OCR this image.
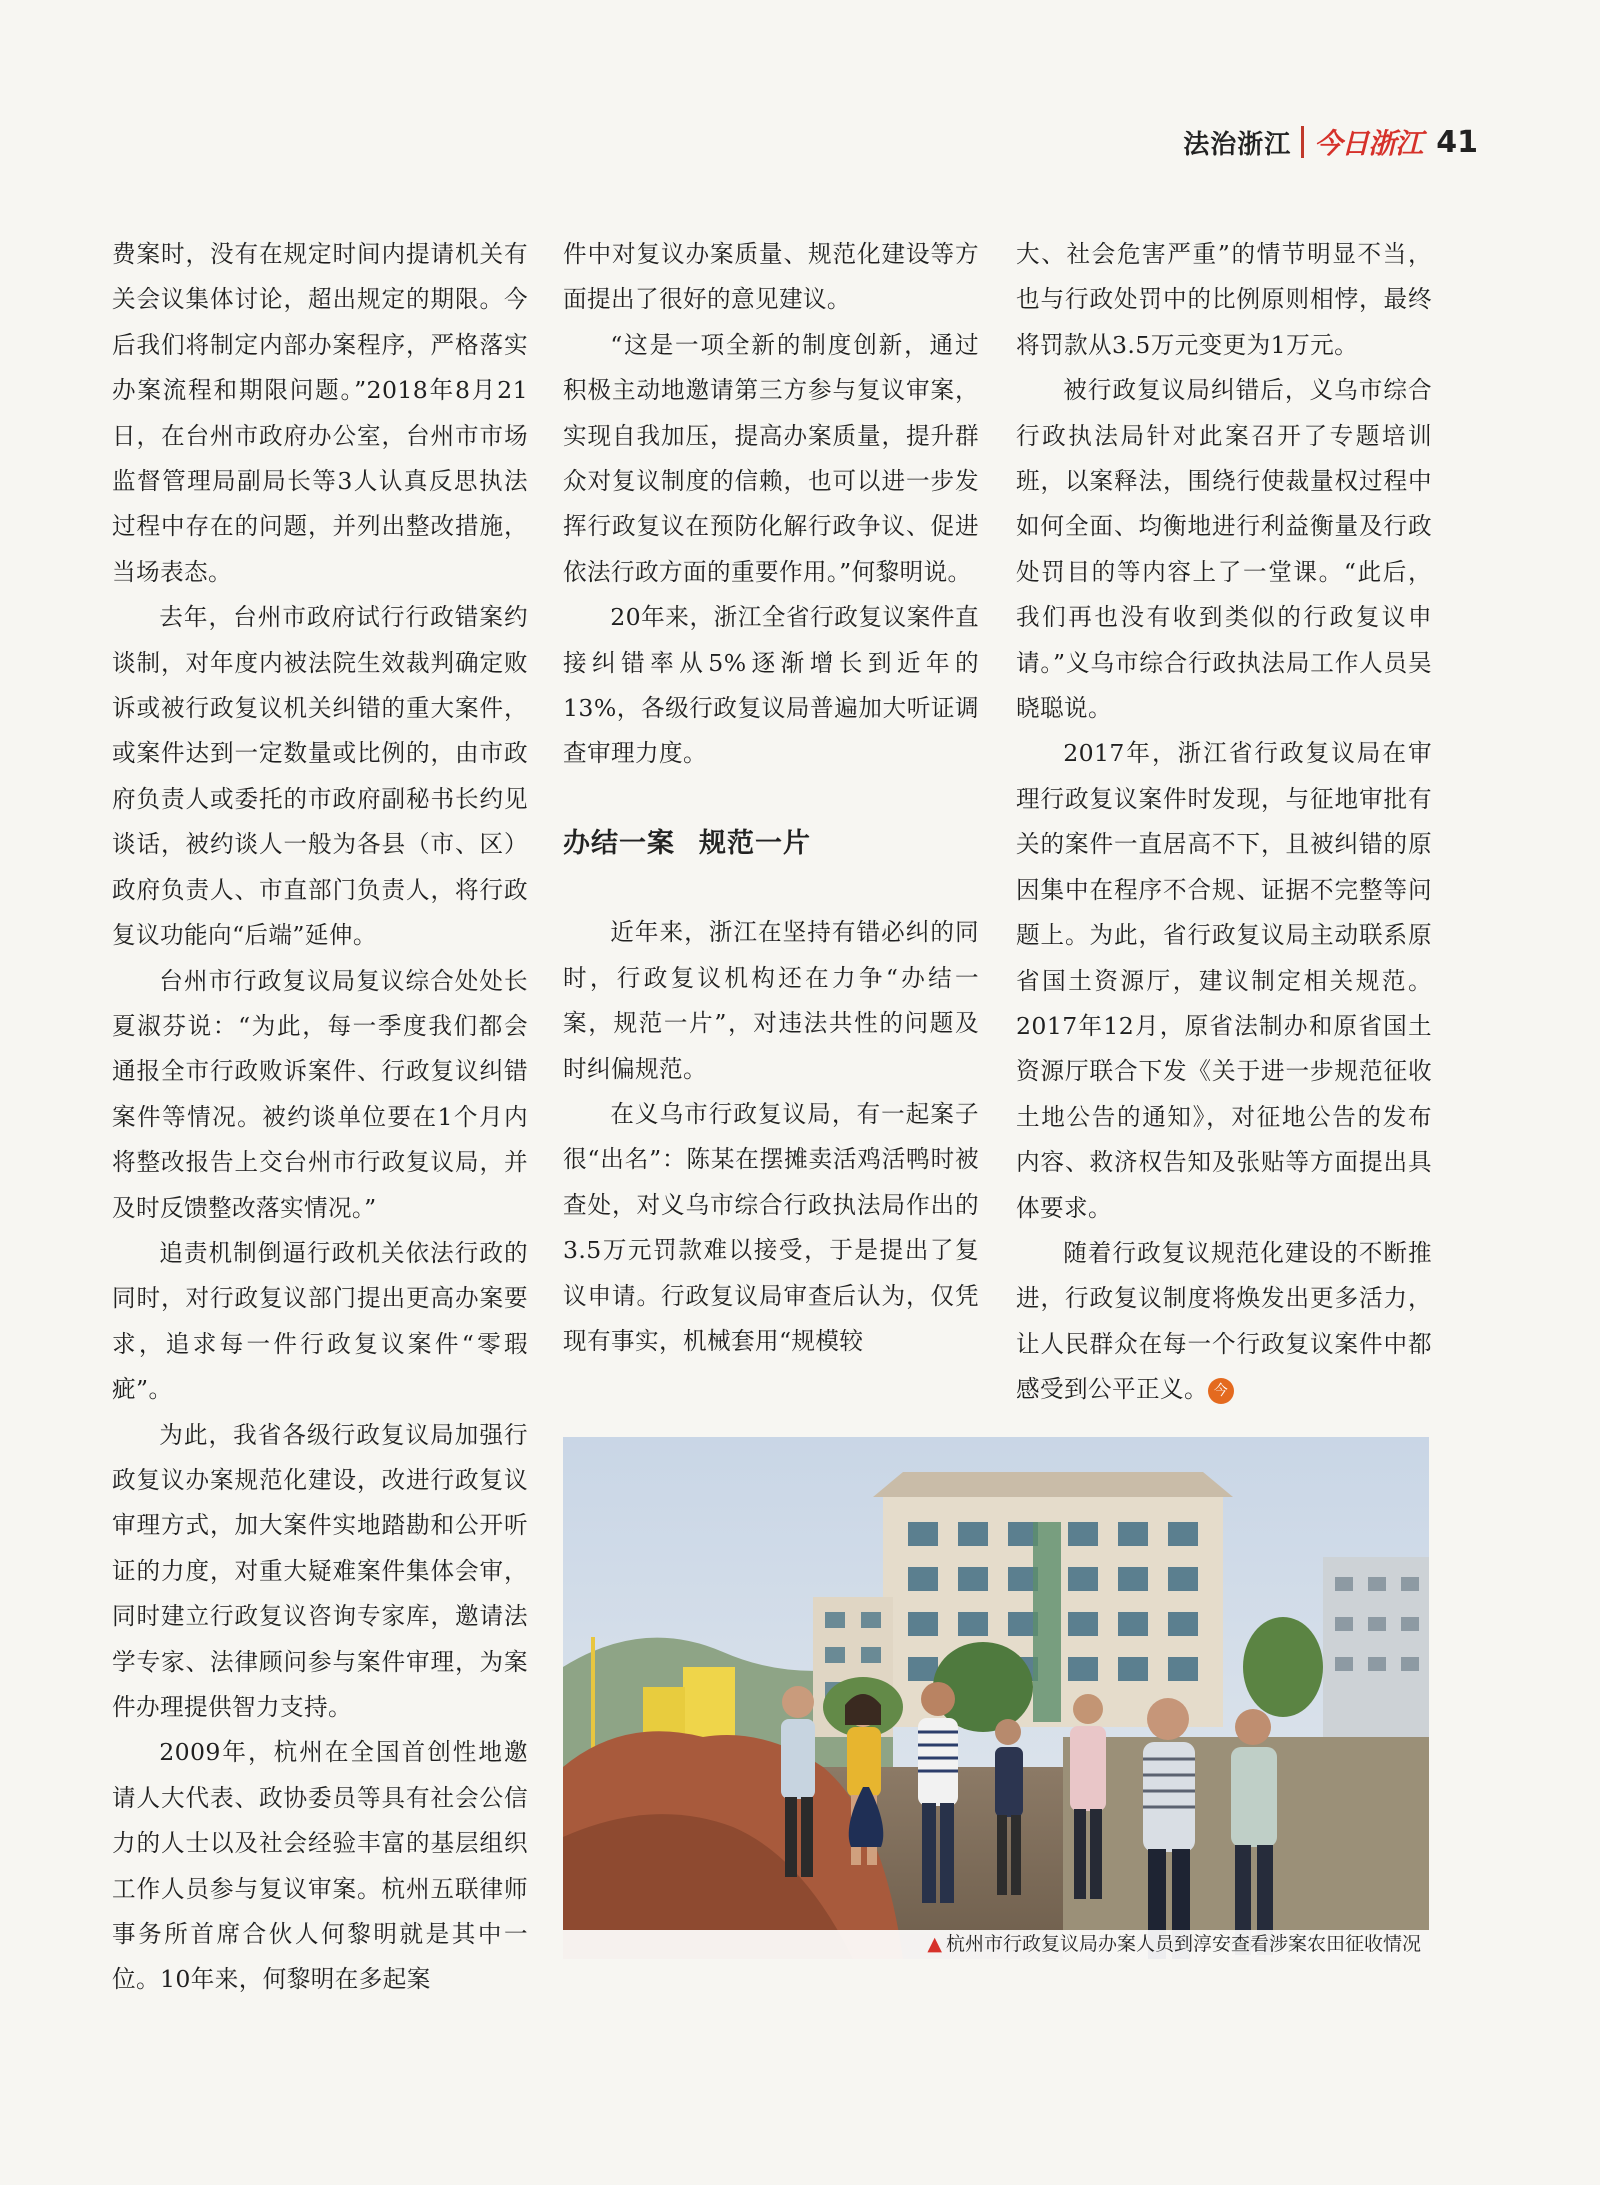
法治浙江 今日浙江 41

费案时，没有在规定时间内提请机关有关会议集体讨论，超出规定的期限。今后我们将制定内部办案程序，严格落实办案流程和期限问题。”2018年8月21日，在台州市政府办公室，台州市市场监督管理局副局长等3人认真反思执法过程中存在的问题，并列出整改措施，当场表态。

去年，台州市政府试行行政错案约谈制，对年度内被法院生效裁判确定败诉或被行政复议机关纠错的重大案件，或案件达到一定数量或比例的，由市政府负责人或委托的市政府副秘书长约见谈话，被约谈人一般为各县（市、区）政府负责人、市直部门负责人，将行政复议功能向“后端”延伸。

台州市行政复议局复议综合处处长夏淑芬说：“为此，每一季度我们都会通报全市行政败诉案件、行政复议纠错案件等情况。被约谈单位要在1个月内将整改报告上交台州市行政复议局，并及时反馈整改落实情况。”

追责机制倒逼行政机关依法行政的同时，对行政复议部门提出更高办案要求，追求每一件行政复议案件“零瑕疵”。

为此，我省各级行政复议局加强行政复议办案规范化建设，改进行政复议审理方式，加大案件实地踏勘和公开听证的力度，对重大疑难案件集体会审，同时建立行政复议咨询专家库，邀请法学专家、法律顾问参与案件审理，为案件办理提供智力支持。

2009年，杭州在全国首创性地邀请人大代表、政协委员等具有社会公信力的人士以及社会经验丰富的基层组织工作人员参与复议审案。杭州五联律师事务所首席合伙人何黎明就是其中一位。10年来，何黎明在多起案

件中对复议办案质量、规范化建设等方面提出了很好的意见建议。

“这是一项全新的制度创新，通过积极主动地邀请第三方参与复议审案，实现自我加压，提高办案质量，提升群众对复议制度的信赖，也可以进一步发挥行政复议在预防化解行政争议、促进依法行政方面的重要作用。”何黎明说。

20年来，浙江全省行政复议案件直接纠错率从5%逐渐增长到近年的13%，各级行政复议局普遍加大听证调查审理力度。

办结一案 规范一片

近年来，浙江在坚持有错必纠的同时，行政复议机构还在力争“办结一案，规范一片”，对违法共性的问题及时纠偏规范。

在义乌市行政复议局，有一起案子很“出名”：陈某在摆摊卖活鸡活鸭时被查处，对义乌市综合行政执法局作出的3.5万元罚款难以接受，于是提出了复议申请。行政复议局审查后认为，仅凭现有事实，机械套用“规模较

大、社会危害严重”的情节明显不当，也与行政处罚中的比例原则相悖，最终将罚款从3.5万元变更为1万元。

被行政复议局纠错后，义乌市综合行政执法局针对此案召开了专题培训班，以案释法，围绕行使裁量权过程中如何全面、均衡地进行利益衡量及行政处罚目的等内容上了一堂课。“此后，我们再也没有收到类似的行政复议申请。”义乌市综合行政执法局工作人员吴晓聪说。

2017年，浙江省行政复议局在审理行政复议案件时发现，与征地审批有关的案件一直居高不下，且被纠错的原因集中在程序不合规、证据不完整等问题上。为此，省行政复议局主动联系原省国土资源厅，建议制定相关规范。2017年12月，原省法制办和原省国土资源厅联合下发《关于进一步规范征收土地公告的通知》，对征地公告的发布内容、救济权告知及张贴等方面提出具体要求。

随着行政复议规范化建设的不断推进，行政复议制度将焕发出更多活力，让人民群众在每一个行政复议案件中都感受到公平正义。 今

▲ 杭州市行政复议局办案人员到淳安查看涉案农田征收情况
